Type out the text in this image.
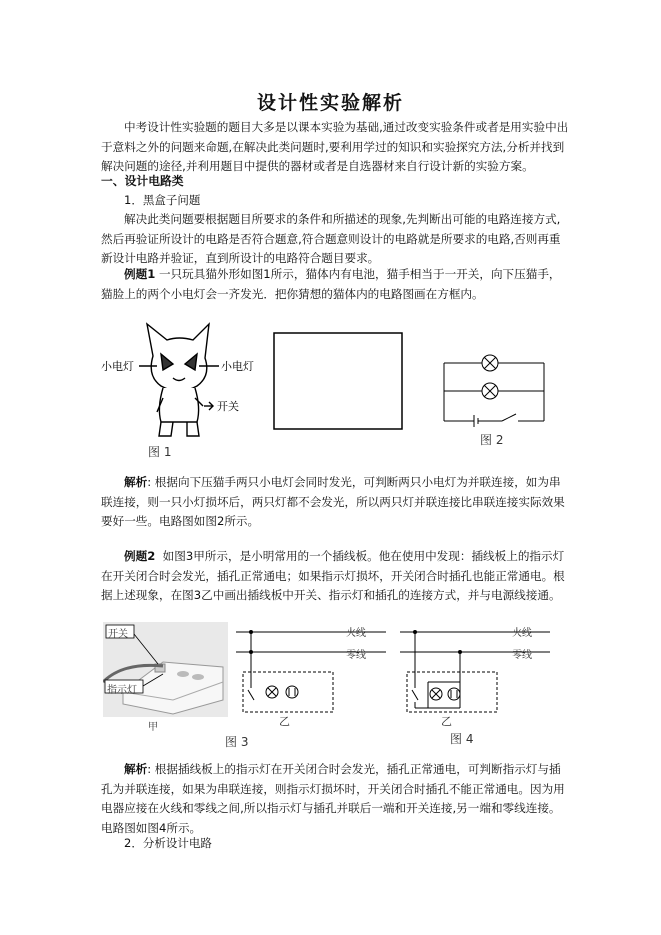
设计性实验解析

中考设计性实验题的题目大多是以课本实验为基础,通过改变实验条件或者是用实验中出于意料之外的问题来命题,在解决此类问题时,要利用学过的知识和实验探究方法,分析并找到解决问题的途径,并利用题目中提供的器材或者是自选器材来自行设计新的实验方案。

一、设计电路类
1．黑盒子问题

解决此类问题要根据题目所要求的条件和所描述的现象,先判断出可能的电路连接方式,然后再验证所设计的电路是否符合题意,符合题意则设计的电路就是所要求的电路,否则再重新设计电路并验证，直到所设计的电路符合题目要求。

例题1 一只玩具猫外形如图1所示，猫体内有电池，猫手相当于一开关，向下压猫手，猫脸上的两个小电灯会一齐发光．把你猜想的猫体内的电路图画在方框内。

小电灯	小电灯
开关
图 1
图 2

解析: 根据向下压猫手两只小电灯会同时发光，可判断两只小电灯为并联连接，如为串联连接，则一只小灯损坏后，两只灯都不会发光，所以两只灯并联连接比串联连接实际效果要好一些。电路图如图2所示。

例题2 如图3甲所示，是小明常用的一个插线板。他在使用中发现：插线板上的指示灯在开关闭合时会发光，插孔正常通电；如果指示灯损坏，开关闭合时插孔也能正常通电。根据上述现象，在图3乙中画出插线板中开关、指示灯和插孔的连接方式，并与电源线接通。

开关
指示灯
甲
火线
零线
乙
图 3
火线
零线
乙
图 4

解析: 根据插线板上的指示灯在开关闭合时会发光，插孔正常通电，可判断指示灯与插孔为并联连接，如果为串联连接，则指示灯损坏时，开关闭合时插孔不能正常通电。因为用电器应接在火线和零线之间,所以指示灯与插孔并联后一端和开关连接,另一端和零线连接。电路图如图4所示。

2．分析设计电路
